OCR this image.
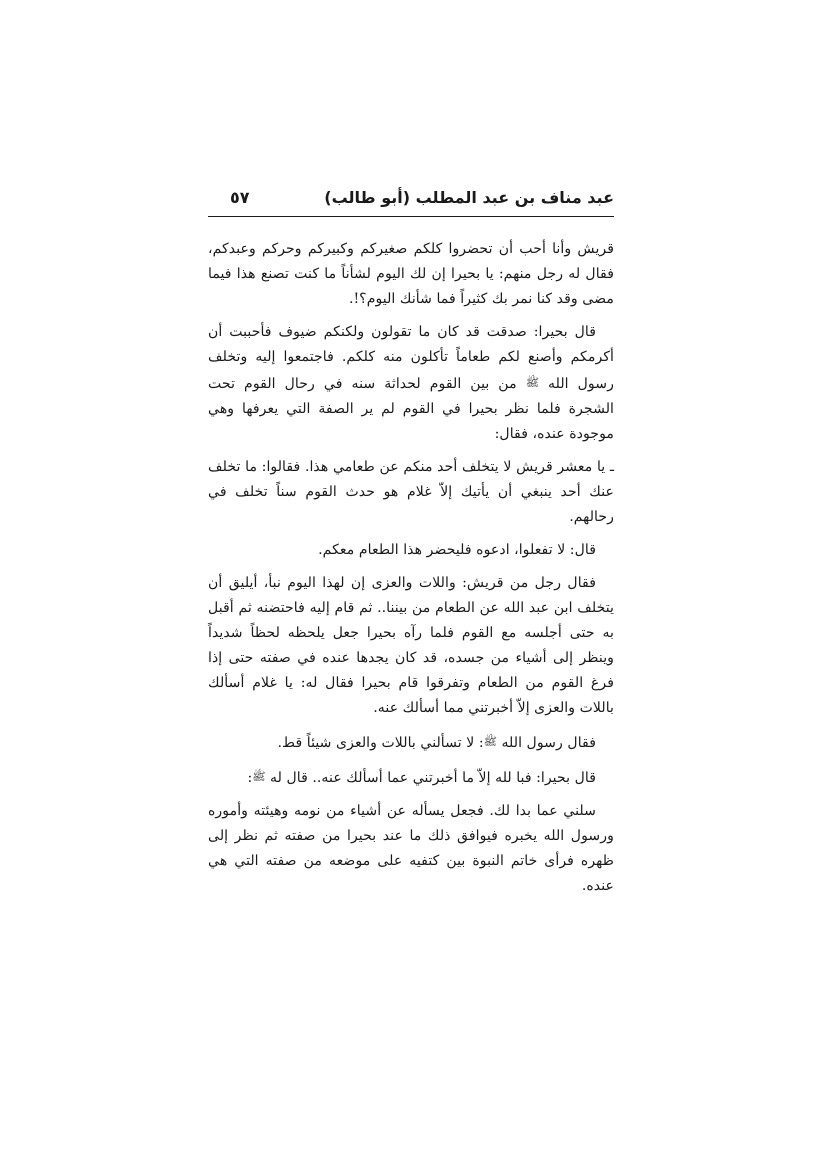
عبد مناف بن عبد المطلب (أبو طالب)
٥٧

قريش وأنا أحب أن تحضروا كلكم صغيركم وكبيركم وحركم وعبدكم، فقال له رجل منهم: يا بحيرا إن لك اليوم لشأناً ما كنت تصنع هذا فيما مضى وقد كنا نمر بك كثيراً فما شأنك اليوم؟!.

قال بحيرا: صدقت قد كان ما تقولون ولكنكم ضيوف فأحببت أن أكرمكم وأصنع لكم طعاماً تأكلون منه كلكم. فاجتمعوا إليه وتخلف رسول الله ﷺ من بين القوم لحداثة سنه في رحال القوم تحت الشجرة فلما نظر بحيرا في القوم لم ير الصفة التي يعرفها وهي موجودة عنده، فقال:

ـ يا معشر قريش لا يتخلف أحد منكم عن طعامي هذا. فقالوا: ما تخلف عنك أحد ينبغي أن يأتيك إلاّ غلام هو حدث القوم سناً تخلف في رحالهم.

قال: لا تفعلوا، ادعوه فليحضر هذا الطعام معكم.

فقال رجل من قريش: واللات والعزى إن لهذا اليوم نبأ، أيليق أن يتخلف ابن عبد الله عن الطعام من بيننا.. ثم قام إليه فاحتضنه ثم أقبل به حتى أجلسه مع القوم فلما رآه بحيرا جعل يلحظه لحظاً شديداً وينظر إلى أشياء من جسده، قد كان يجدها عنده في صفته حتى إذا فرغ القوم من الطعام وتفرقوا قام بحيرا فقال له: يا غلام أسألك باللات والعزى إلاّ أخبرتني مما أسألك عنه.

فقال رسول الله ﷺ: لا تسألني باللات والعزى شيئاً قط.

قال بحيرا: فبا لله إلاّ ما أخبرتني عما أسألك عنه.. قال له ﷺ:

سلني عما بدا لك. فجعل يسأله عن أشياء من نومه وهيئته وأموره ورسول الله يخبره فيوافق ذلك ما عند بحيرا من صفته ثم نظر إلى ظهره فرأى خاتم النبوة بين كتفيه على موضعه من صفته التي هي عنده.
